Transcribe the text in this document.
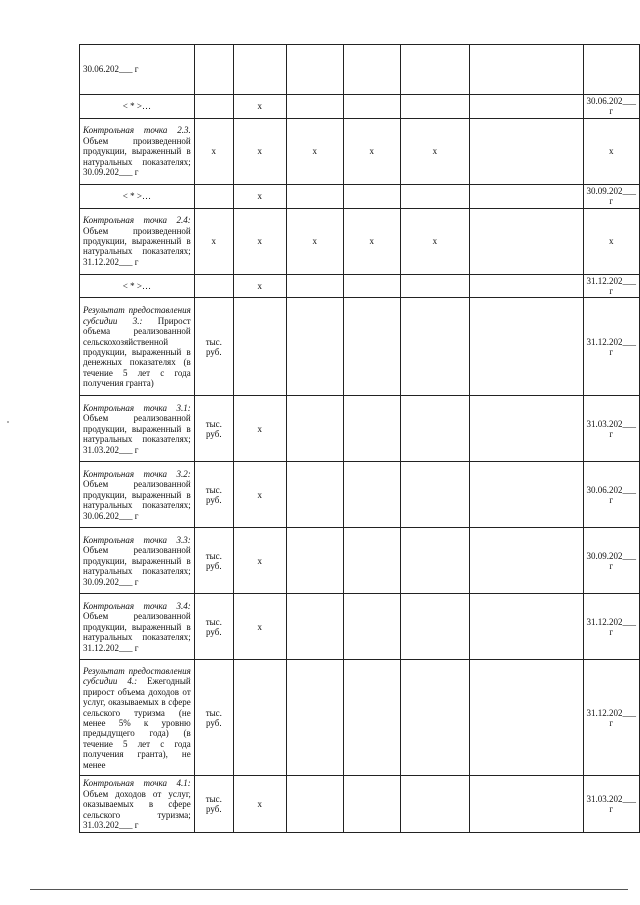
30.06.202___ г							
< * >…		x					30.06.202___ г
Контрольная точка 2.3. Объем произведенной продукции, выраженный в натуральных показателях; 30.09.202___ г	x	x	x	x	x		x
< * >…		x					30.09.202___ г
Контрольная точка 2.4: Объем произведенной продукции, выраженный в натуральных показателях; 31.12.202___ г	x	x	x	x	x		x
< * >…		x					31.12.202___ г
Результат предоставления субсидии 3.: Прирост объема реализованной сельскохозяйственной продукции, выраженный в денежных показателях (в течение 5 лет с года получения гранта)	тыс. руб.						31.12.202___ г
Контрольная точка 3.1: Объем реализованной продукции, выраженный в натуральных показателях; 31.03.202___ г	тыс. руб.	x					31.03.202___ г
Контрольная точка 3.2: Объем реализованной продукции, выраженный в натуральных показателях; 30.06.202___ г	тыс. руб.	x					30.06.202___ г
Контрольная точка 3.3: Объем реализованной продукции, выраженный в натуральных показателях; 30.09.202___ г	тыс. руб.	x					30.09.202___ г
Контрольная точка 3.4: Объем реализованной продукции, выраженный в натуральных показателях; 31.12.202___ г	тыс. руб.	x					31.12.202___ г
Результат предоставления субсидии 4.: Ежегодный прирост объема доходов от услуг, оказываемых в сфере сельского туризма (не менее 5% к уровню предыдущего года) (в течение 5 лет с года получения гранта), не менее	тыс. руб.						31.12.202___ г
Контрольная точка 4.1: Объем доходов от услуг, оказываемых в сфере сельского туризма; 31.03.202___ г	тыс. руб.	x					31.03.202___ г
